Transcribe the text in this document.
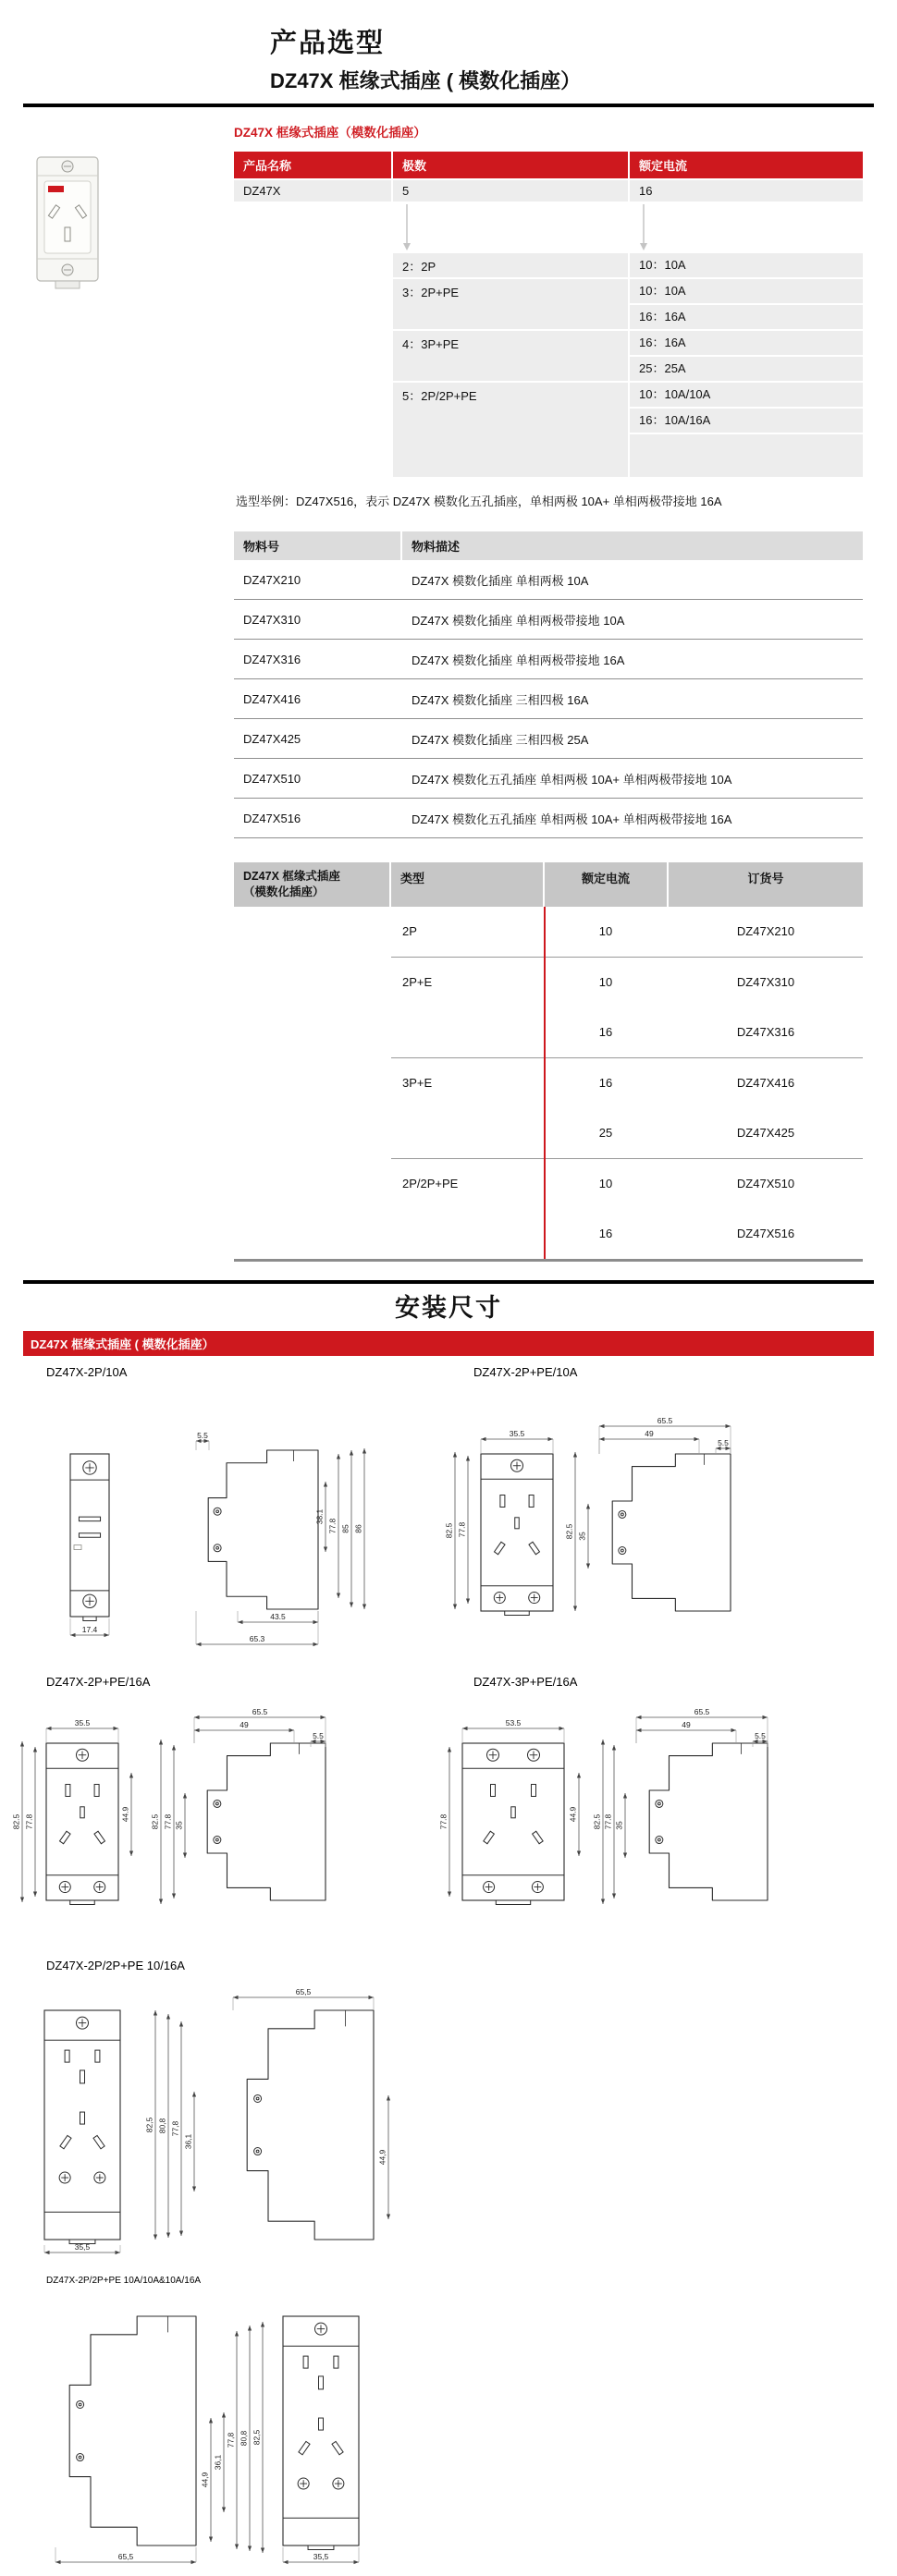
产品选型
DZ47X 框缘式插座 ( 模数化插座）
DZ47X 框缘式插座（模数化插座）
产品名称	极数	额定电流
DZ47X	5	16
2：2P	10：10A
3：2P+PE	10：10A
16：16A
4：3P+PE	16：16A
25：25A
5：2P/2P+PE	10：10A/10A
16：10A/16A
选型举例：DZ47X516，表示 DZ47X 模数化五孔插座，单相两极 10A+ 单相两极带接地 16A
物料号	物料描述
DZ47X210	DZ47X 模数化插座 单相两极 10A
DZ47X310	DZ47X 模数化插座 单相两极带接地 10A
DZ47X316	DZ47X 模数化插座 单相两极带接地 16A
DZ47X416	DZ47X 模数化插座 三相四极 16A
DZ47X425	DZ47X 模数化插座 三相四极 25A
DZ47X510	DZ47X 模数化五孔插座 单相两极 10A+ 单相两极带接地 10A
DZ47X516	DZ47X 模数化五孔插座 单相两极 10A+ 单相两极带接地 16A
DZ47X 框缘式插座
（模数化插座）
类型	额定电流	订货号
2P	10	DZ47X210
2P+E	10	DZ47X310
16	DZ47X316
3P+E	16	DZ47X416
25	DZ47X425
2P/2P+PE	10	DZ47X510
16	DZ47X516
安装尺寸
DZ47X 框缘式插座 ( 模数化插座）
DZ47X-2P/10A	DZ47X-2P+PE/10A
17.4
5.5
43.5
65.3
38.1
77.8 85 86
35.5
82.5 77.8
65.5
49
5.5
82.5 35
DZ47X-2P+PE/16A	DZ47X-3P+PE/16A
35.5
82.5 77.8	44.9
65.5
49
5.5
82.5 77.8 35
53.5
77.8	44.9
65.5
49
5.5
82.5 77.8 35
DZ47X-2P/2P+PE 10/16A
35,5
82,5 80,8 77,8
36,1
65,5
44,9
DZ47X-2P/2P+PE 10A/10A&10A/16A
65,5
44,9
36,1
77,8 80,8 82,5
35,5
